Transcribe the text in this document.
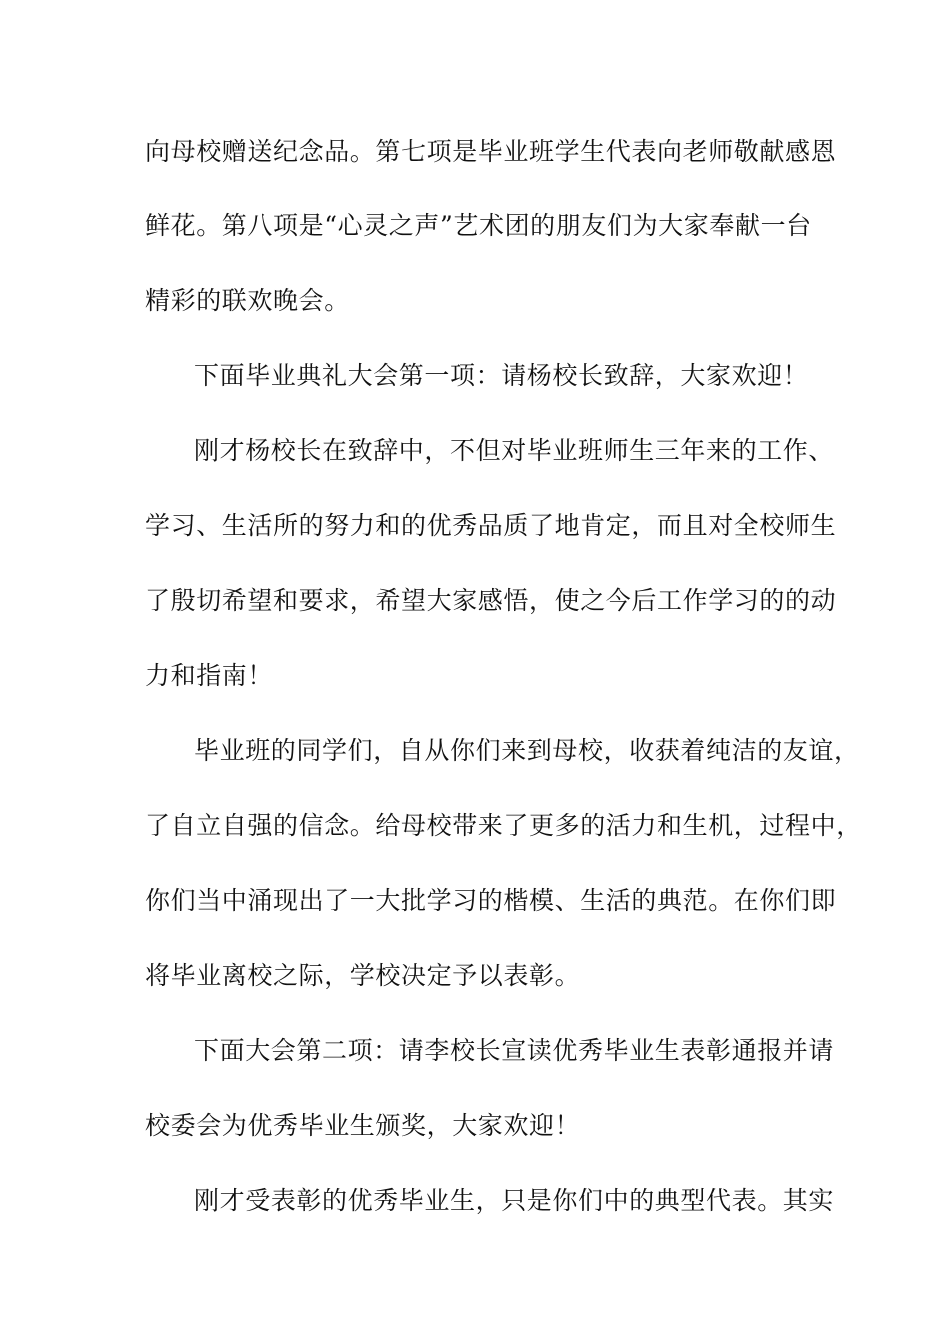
向母校赠送纪念品。第七项是毕业班学生代表向老师敬献感恩
鲜花。第八项是“心灵之声”艺术团的朋友们为大家奉献一台
精彩的联欢晚会。
下面毕业典礼大会第一项：请杨校长致辞，大家欢迎！
刚才杨校长在致辞中，不但对毕业班师生三年来的工作、
学习、生活所的努力和的优秀品质了地肯定，而且对全校师生
了殷切希望和要求，希望大家感悟，使之今后工作学习的的动
力和指南！
毕业班的同学们，自从你们来到母校，收获着纯洁的友谊，
了自立自强的信念。给母校带来了更多的活力和生机，过程中，
你们当中涌现出了一大批学习的楷模、生活的典范。在你们即
将毕业离校之际，学校决定予以表彰。
下面大会第二项：请李校长宣读优秀毕业生表彰通报并请
校委会为优秀毕业生颁奖，大家欢迎！
刚才受表彰的优秀毕业生，只是你们中的典型代表。其实
